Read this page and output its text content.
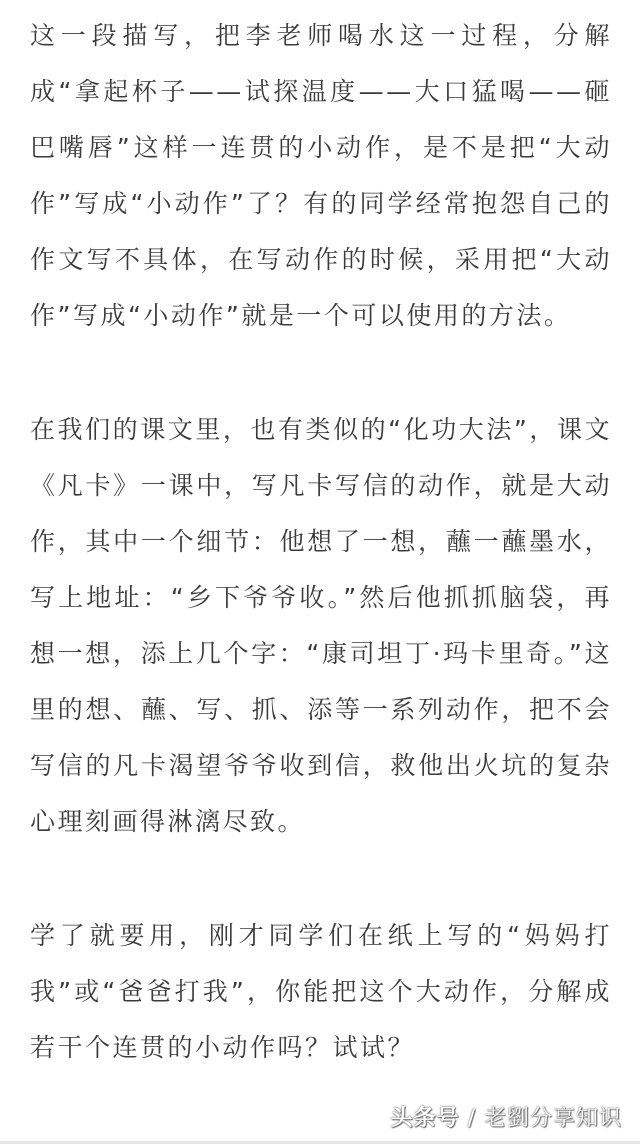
这一段描写，把李老师喝水这一过程，分解成“拿起杯子——试探温度——大口猛喝——砸巴嘴唇”这样一连贯的小动作，是不是把“大动作”写成“小动作”了？有的同学经常抱怨自己的作文写不具体，在写动作的时候，采用把“大动作”写成“小动作”就是一个可以使用的方法。

在我们的课文里，也有类似的“化功大法”，课文《凡卡》一课中，写凡卡写信的动作，就是大动作，其中一个细节：他想了一想，蘸一蘸墨水，写上地址：“乡下爷爷收。”然后他抓抓脑袋，再想一想，添上几个字：“康司坦丁·玛卡里奇。”这里的想、蘸、写、抓、添等一系列动作，把不会写信的凡卡渴望爷爷收到信，救他出火坑的复杂心理刻画得淋漓尽致。

学了就要用，刚才同学们在纸上写的“妈妈打我”或“爸爸打我”，你能把这个大动作，分解成若干个连贯的小动作吗？试试？

头条号 / 老劉分享知识
